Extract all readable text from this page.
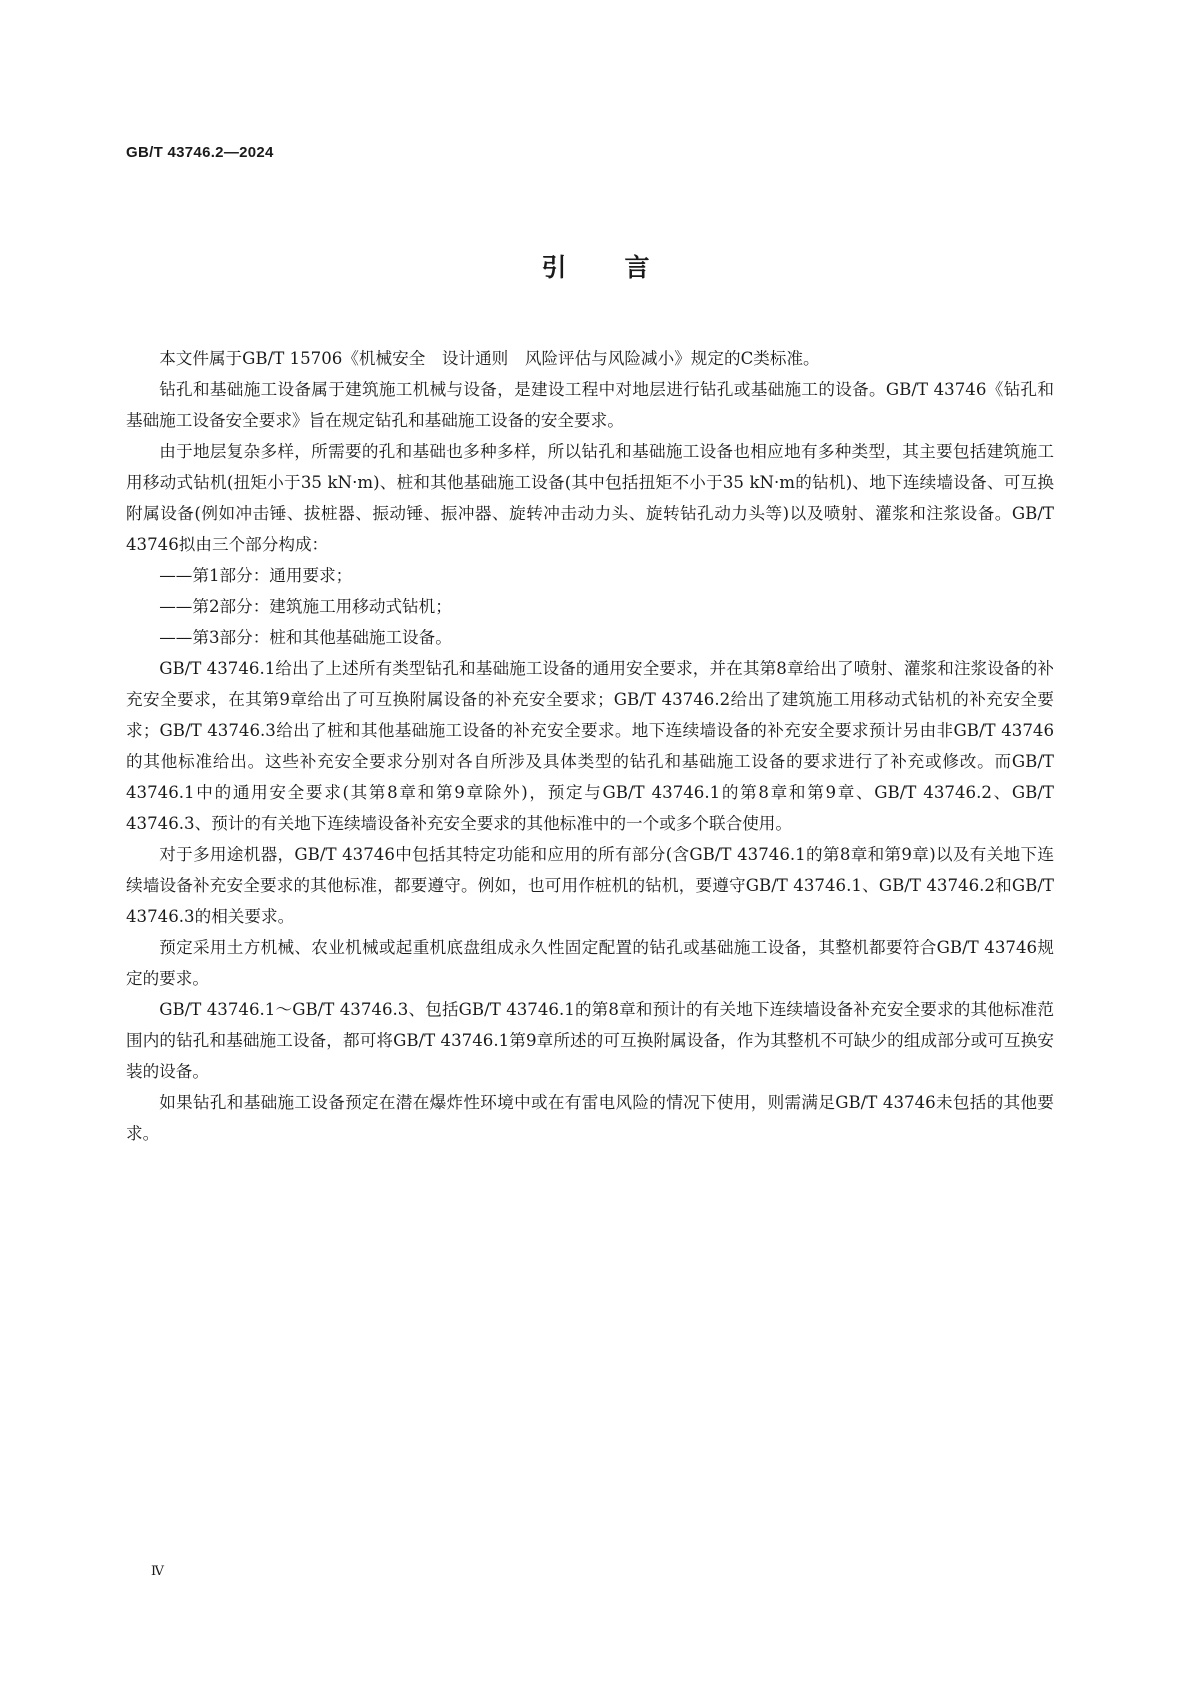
GB/T 43746.2—2024
引言

本文件属于GB/T 15706《机械安全　设计通则　风险评估与风险减小》规定的C类标准。

钻孔和基础施工设备属于建筑施工机械与设备，是建设工程中对地层进行钻孔或基础施工的设备。GB/T 43746《钻孔和基础施工设备安全要求》旨在规定钻孔和基础施工设备的安全要求。

由于地层复杂多样，所需要的孔和基础也多种多样，所以钻孔和基础施工设备也相应地有多种类型，其主要包括建筑施工用移动式钻机(扭矩小于35 kN·m)、桩和其他基础施工设备(其中包括扭矩不小于35 kN·m的钻机)、地下连续墙设备、可互换附属设备(例如冲击锤、拔桩器、振动锤、振冲器、旋转冲击动力头、旋转钻孔动力头等)以及喷射、灌浆和注浆设备。GB/T 43746拟由三个部分构成：

——第1部分：通用要求；

——第2部分：建筑施工用移动式钻机；

——第3部分：桩和其他基础施工设备。

GB/T 43746.1给出了上述所有类型钻孔和基础施工设备的通用安全要求，并在其第8章给出了喷射、灌浆和注浆设备的补充安全要求，在其第9章给出了可互换附属设备的补充安全要求；GB/T 43746.2给出了建筑施工用移动式钻机的补充安全要求；GB/T 43746.3给出了桩和其他基础施工设备的补充安全要求。地下连续墙设备的补充安全要求预计另由非GB/T 43746的其他标准给出。这些补充安全要求分别对各自所涉及具体类型的钻孔和基础施工设备的要求进行了补充或修改。而GB/T 43746.1中的通用安全要求(其第8章和第9章除外)，预定与GB/T 43746.1的第8章和第9章、GB/T 43746.2、GB/T 43746.3、预计的有关地下连续墙设备补充安全要求的其他标准中的一个或多个联合使用。

对于多用途机器，GB/T 43746中包括其特定功能和应用的所有部分(含GB/T 43746.1的第8章和第9章)以及有关地下连续墙设备补充安全要求的其他标准，都要遵守。例如，也可用作桩机的钻机，要遵守GB/T 43746.1、GB/T 43746.2和GB/T 43746.3的相关要求。

预定采用土方机械、农业机械或起重机底盘组成永久性固定配置的钻孔或基础施工设备，其整机都要符合GB/T 43746规定的要求。

GB/T 43746.1～GB/T 43746.3、包括GB/T 43746.1的第8章和预计的有关地下连续墙设备补充安全要求的其他标准范围内的钻孔和基础施工设备，都可将GB/T 43746.1第9章所述的可互换附属设备，作为其整机不可缺少的组成部分或可互换安装的设备。

如果钻孔和基础施工设备预定在潜在爆炸性环境中或在有雷电风险的情况下使用，则需满足GB/T 43746未包括的其他要求。

Ⅳ
